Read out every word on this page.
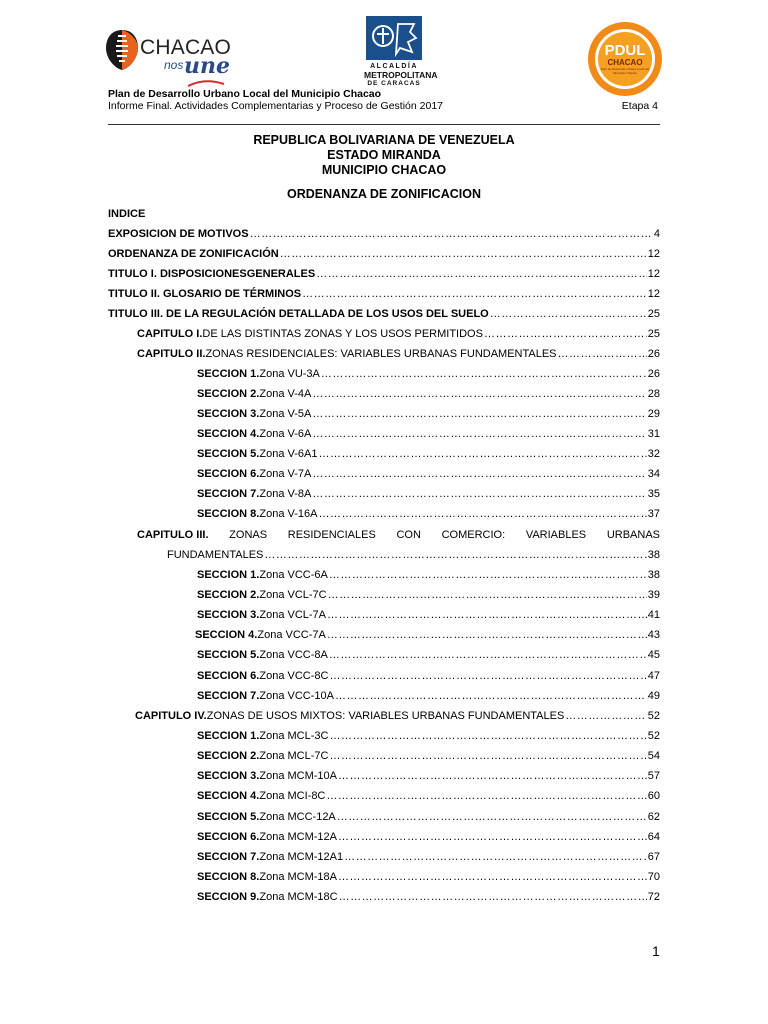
CHACAO
nos une	ALCALDÍA
METROPOLITANA
DE CARACAS
PDUL
CHACAO
Plan de Desarrollo Urbano Local del Municipio Chacao
Plan de Desarrollo Urbano Local del Municipio Chacao
Informe Final. Actividades Complementarias y Proceso de Gestión 2017	Etapa 4
REPUBLICA BOLIVARIANA DE VENEZUELA
ESTADO MIRANDA
MUNICIPIO CHACAO
ORDENANZA DE ZONIFICACION
INDICE
EXPOSICION DE MOTIVOS ……………………………………………………………………………………………………………………………………………………………………………………………	4
ORDENANZA DE ZONIFICACIÓN ……………………………………………………………………………………………………………………………………………………………………………………………	12
TITULO I. DISPOSICIONESGENERALES ……………………………………………………………………………………………………………………………………………………………………………………………	12
TITULO II. GLOSARIO DE TÉRMINOS ……………………………………………………………………………………………………………………………………………………………………………………………	12
TITULO III. DE LA REGULACIÓN DETALLADA DE LOS USOS DEL SUELO ……………………………………………………………………………………………………………………………………………………………………………………………	25
CAPITULO I. DE LAS DISTINTAS ZONAS Y LOS USOS PERMITIDOS ……………………………………………………………………………………………………………………………………………………………………………………………	25
CAPITULO II. ZONAS RESIDENCIALES: VARIABLES URBANAS FUNDAMENTALES ……………………………………………………………………………………………………………………………………………………………………………………………	26
SECCION 1. Zona VU-3A ……………………………………………………………………………………………………………………………………………………………………………………………	26
SECCION 2. Zona V-4A ……………………………………………………………………………………………………………………………………………………………………………………………	28
SECCION 3. Zona V-5A ……………………………………………………………………………………………………………………………………………………………………………………………	29
SECCION 4. Zona V-6A ……………………………………………………………………………………………………………………………………………………………………………………………	31
SECCION 5. Zona V-6A1 ……………………………………………………………………………………………………………………………………………………………………………………………	32
SECCION 6. Zona V-7A ……………………………………………………………………………………………………………………………………………………………………………………………	34
SECCION 7. Zona V-8A ……………………………………………………………………………………………………………………………………………………………………………………………	35
SECCION 8. Zona V-16A ……………………………………………………………………………………………………………………………………………………………………………………………	37
CAPITULO III. ZONAS RESIDENCIALES CON COMERCIO: VARIABLES URBANAS
FUNDAMENTALES ……………………………………………………………………………………………………………………………………………………………………………………………	38
SECCION 1. Zona VCC-6A ……………………………………………………………………………………………………………………………………………………………………………………………	38
SECCION 2. Zona VCL-7C ……………………………………………………………………………………………………………………………………………………………………………………………	39
SECCION 3. Zona VCL-7A ……………………………………………………………………………………………………………………………………………………………………………………………	41
SECCION 4. Zona VCC-7A ……………………………………………………………………………………………………………………………………………………………………………………………	43
SECCION 5. Zona VCC-8A ……………………………………………………………………………………………………………………………………………………………………………………………	45
SECCION 6. Zona VCC-8C ……………………………………………………………………………………………………………………………………………………………………………………………	47
SECCION 7. Zona VCC-10A ……………………………………………………………………………………………………………………………………………………………………………………………	49
CAPITULO IV. ZONAS DE USOS MIXTOS: VARIABLES URBANAS FUNDAMENTALES ……………………………………………………………………………………………………………………………………………………………………………………………	52
SECCION 1. Zona MCL-3C ……………………………………………………………………………………………………………………………………………………………………………………………	52
SECCION 2. Zona MCL-7C ……………………………………………………………………………………………………………………………………………………………………………………………	54
SECCION 3. Zona MCM-10A ……………………………………………………………………………………………………………………………………………………………………………………………	57
SECCION 4. Zona MCI-8C ……………………………………………………………………………………………………………………………………………………………………………………………	60
SECCION 5. Zona MCC-12A ……………………………………………………………………………………………………………………………………………………………………………………………	62
SECCION 6. Zona MCM-12A ……………………………………………………………………………………………………………………………………………………………………………………………	64
SECCION 7. Zona MCM-12A1 ……………………………………………………………………………………………………………………………………………………………………………………………	67
SECCION 8. Zona MCM-18A ……………………………………………………………………………………………………………………………………………………………………………………………	70
SECCION 9. Zona MCM-18C ……………………………………………………………………………………………………………………………………………………………………………………………	72
1
